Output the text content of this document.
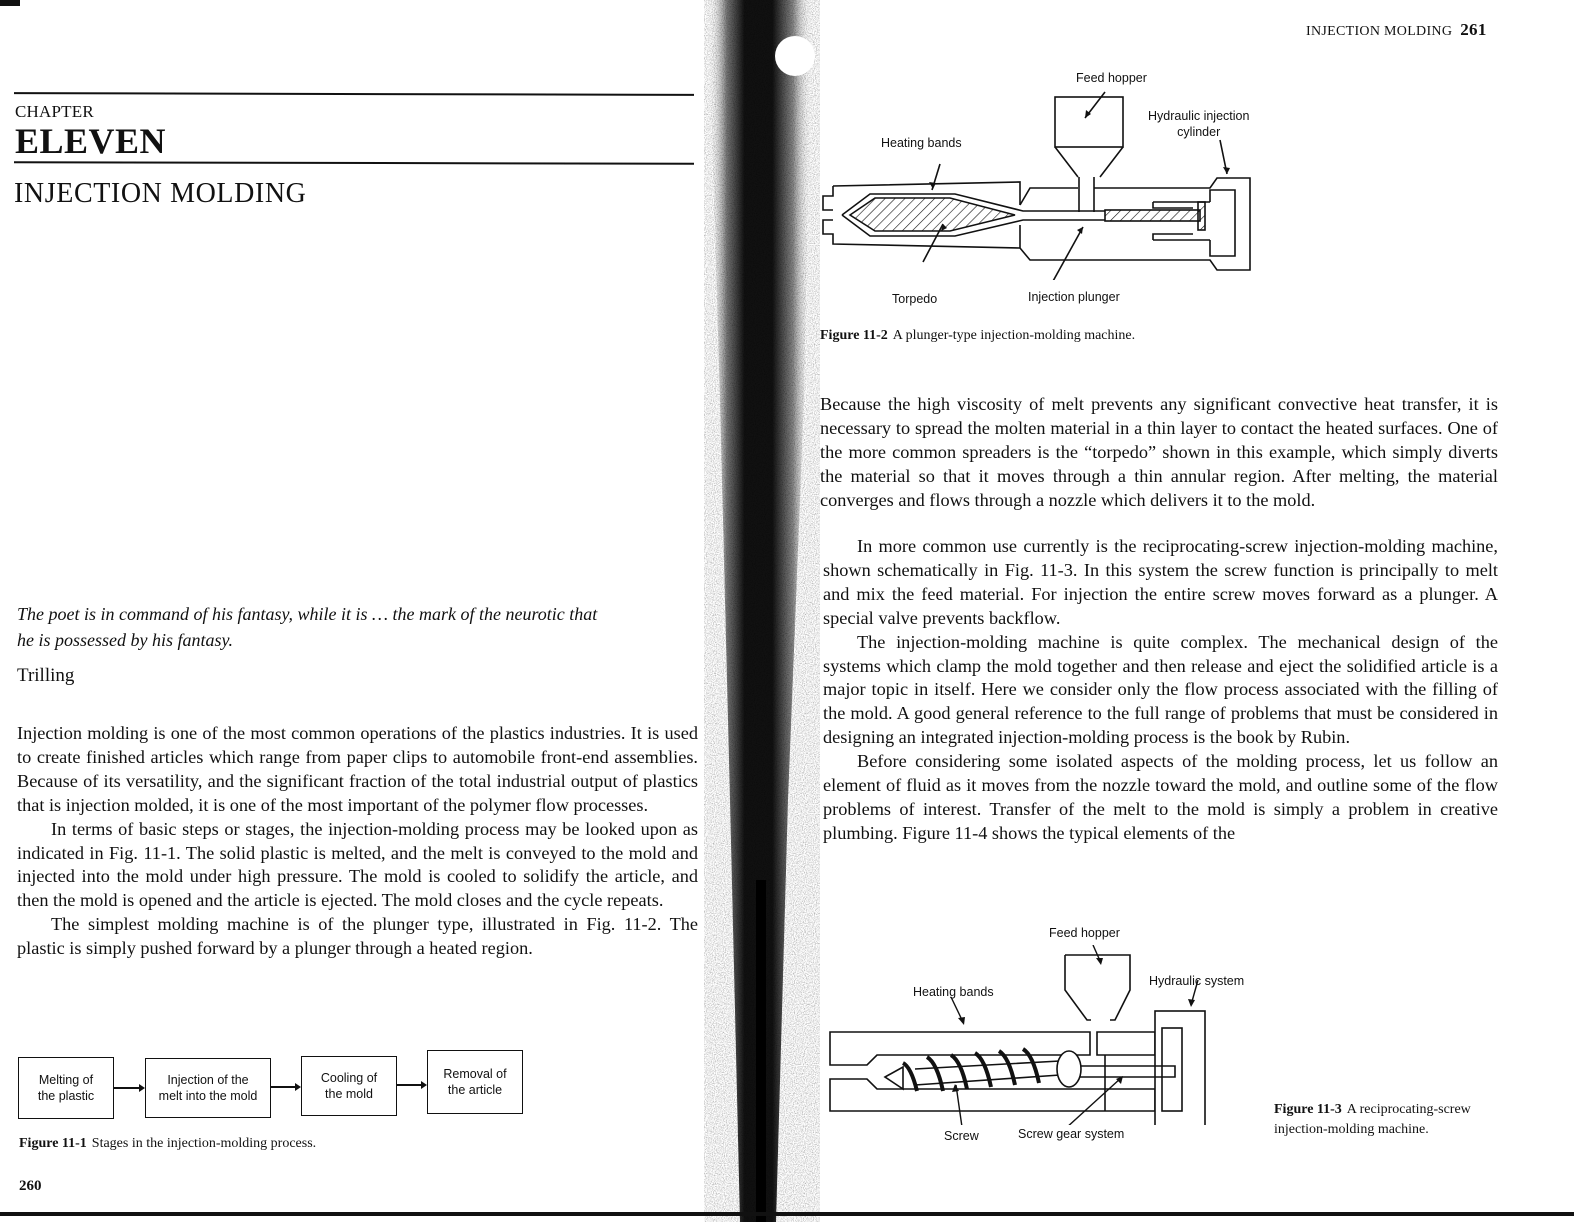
CHAPTER
ELEVEN
INJECTION MOLDING
The poet is in command of his fantasy, while it is … the mark of the neurotic that
he is possessed by his fantasy.
Trilling

Injection molding is one of the most common operations of the plastics industries. It is used to create finished articles which range from paper clips to automobile front-end assemblies. Because of its versatility, and the significant fraction of the total industrial output of plastics that is injection molded, it is one of the most important of the polymer flow processes.

In terms of basic steps or stages, the injection-molding process may be looked upon as indicated in Fig. 11-1. The solid plastic is melted, and the melt is conveyed to the mold and injected into the mold under high pressure. The mold is cooled to solidify the article, and then the mold is opened and the article is ejected. The mold closes and the cycle repeats.

The simplest molding machine is of the plunger type, illustrated in Fig. 11-2. The plastic is simply pushed forward by a plunger through a heated region.

Melting of
the plastic
Injection of the
melt into the mold
Cooling of
the mold
Removal of
the article
Figure 11-1 Stages in the injection-molding process.
260
INJECTION MOLDING 261
Feed hopper
Hydraulic injection
cylinder
Heating bands
Torpedo	Injection plunger
Figure 11-2 A plunger-type injection-molding machine.

Because the high viscosity of melt prevents any significant convective heat transfer, it is necessary to spread the molten material in a thin layer to contact the heated surfaces. One of the more common spreaders is the “torpedo” shown in this example, which simply diverts the material so that it moves through a thin annular region. After melting, the material converges and flows through a nozzle which delivers it to the mold.

In more common use currently is the reciprocating-screw injection-molding machine, shown schematically in Fig. 11-3. In this system the screw function is principally to melt and mix the feed material. For injection the entire screw moves forward as a plunger. A special valve prevents backflow.

The injection-molding machine is quite complex. The mechanical design of the systems which clamp the mold together and then release and eject the solidified article is a major topic in itself. Here we consider only the flow process associated with the filling of the mold. A good general reference to the full range of problems that must be considered in designing an integrated injection-molding process is the book by Rubin.

Before considering some isolated aspects of the molding process, let us follow an element of fluid as it moves from the nozzle toward the mold, and outline some of the flow problems of interest. Transfer of the melt to the mold is simply a problem in creative plumbing. Figure 11-4 shows the typical elements of the

Feed hopper
Heating bands
Hydraulic system
Screw	Screw gear system
Figure 11-3 A reciprocating-screw
injection-molding machine.
